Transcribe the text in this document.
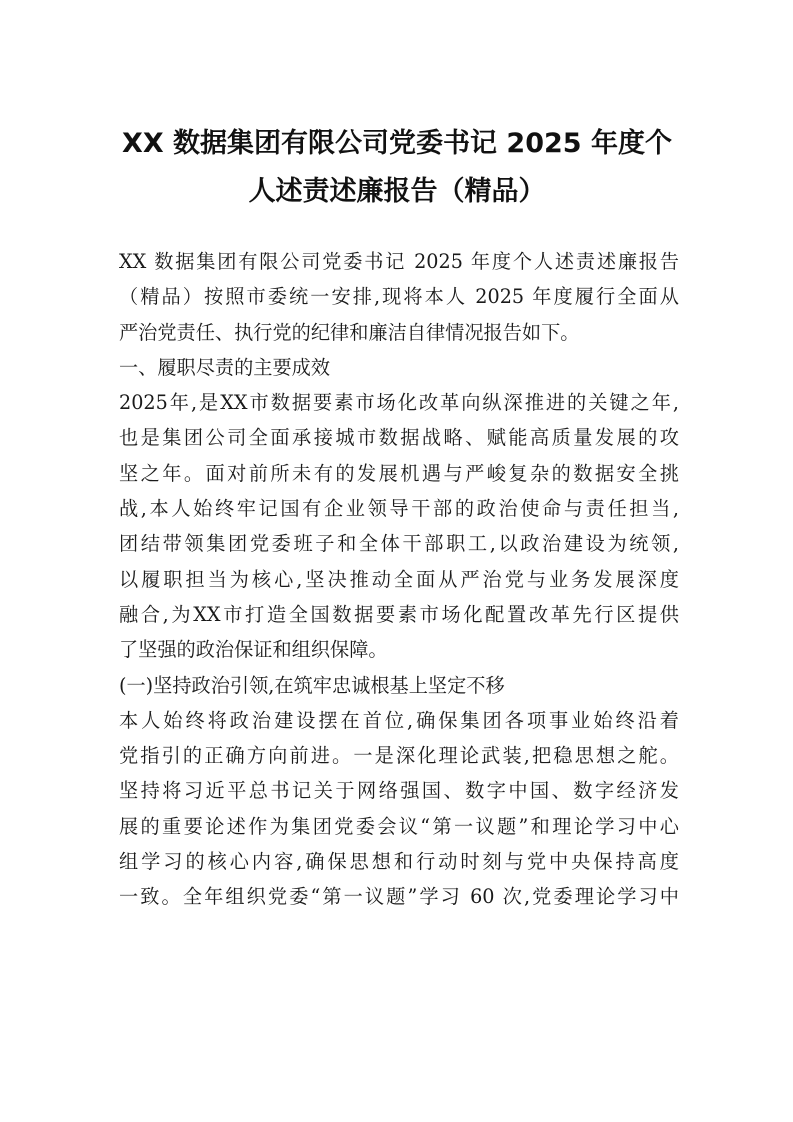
XX 数据集团有限公司党委书记 2025 年度个
人述责述廉报告（精品）
XX 数据集团有限公司党委书记 2025 年度个人述责述廉报告
（精品）按照市委统一安排,现将本人 2025 年度履行全面从
严治党责任、执行党的纪律和廉洁自律情况报告如下。
一、履职尽责的主要成效
2025年,是XX市数据要素市场化改革向纵深推进的关键之年,
也是集团公司全面承接城市数据战略、赋能高质量发展的攻
坚之年。面对前所未有的发展机遇与严峻复杂的数据安全挑
战,本人始终牢记国有企业领导干部的政治使命与责任担当,
团结带领集团党委班子和全体干部职工,以政治建设为统领,
以履职担当为核心,坚决推动全面从严治党与业务发展深度
融合,为XX市打造全国数据要素市场化配置改革先行区提供
了坚强的政治保证和组织保障。
(一)坚持政治引领,在筑牢忠诚根基上坚定不移
本人始终将政治建设摆在首位,确保集团各项事业始终沿着
党指引的正确方向前进。一是深化理论武装,把稳思想之舵。
坚持将习近平总书记关于网络强国、数字中国、数字经济发
展的重要论述作为集团党委会议“第一议题”和理论学习中心
组学习的核心内容,确保思想和行动时刻与党中央保持高度
一致。全年组织党委“第一议题”学习 60 次,党委理论学习中
